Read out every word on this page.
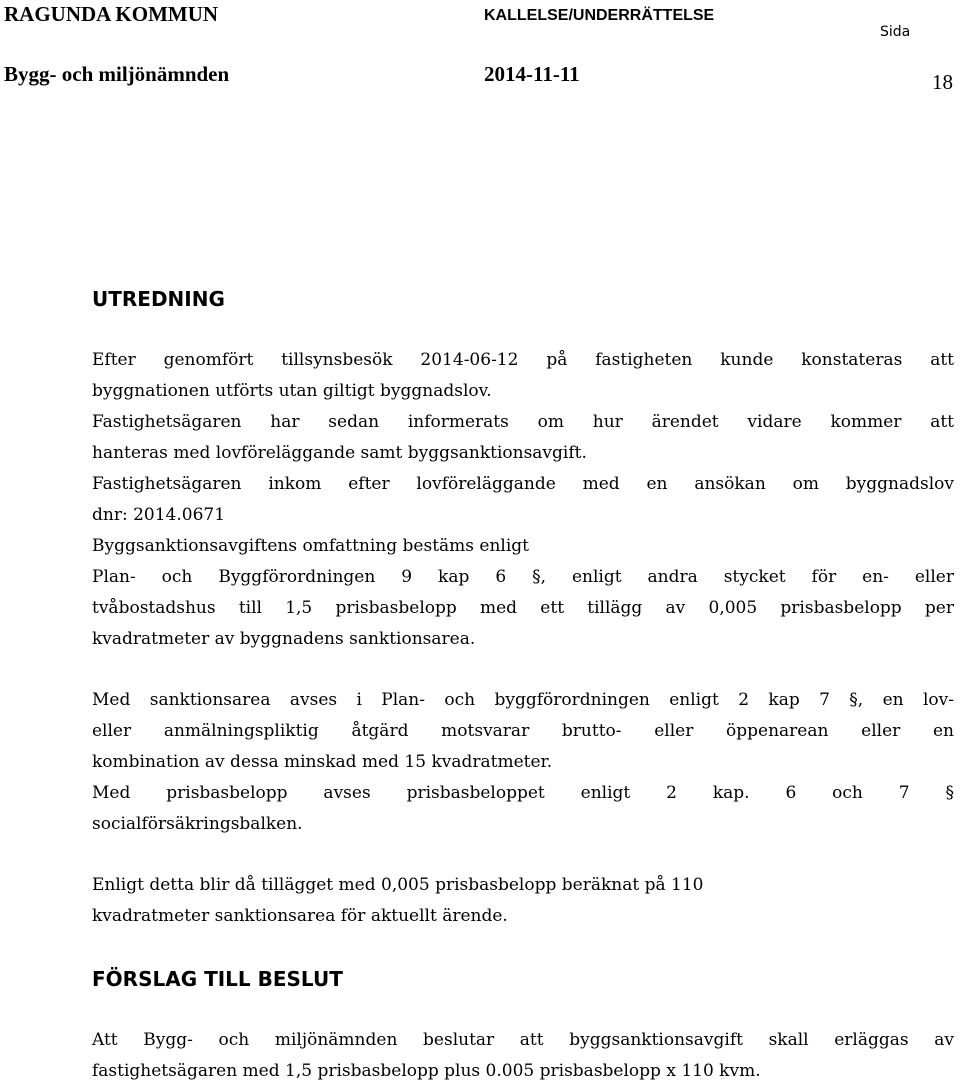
RAGUNDA KOMMUN	KALLELSE/UNDERRÄTTELSE
Sida
Bygg- och miljönämnden	2014-11-11	18
UTREDNING
Efter genomfört tillsynsbesök 2014-06-12 på fastigheten kunde konstateras att
byggnationen utförts utan giltigt byggnadslov.
Fastighetsägaren har sedan informerats om hur ärendet vidare kommer att
hanteras med lovföreläggande samt byggsanktionsavgift.
Fastighetsägaren inkom efter lovföreläggande med en ansökan om byggnadslov
dnr: 2014.0671
Byggsanktionsavgiftens omfattning bestäms enligt
Plan- och Byggförordningen 9 kap 6 §, enligt andra stycket för en- eller
tvåbostadshus till 1,5 prisbasbelopp med ett tillägg av 0,005 prisbasbelopp per
kvadratmeter av byggnadens sanktionsarea.
Med sanktionsarea avses i Plan- och byggförordningen enligt 2 kap 7 §, en lov-
eller anmälningspliktig åtgärd motsvarar brutto- eller öppenarean eller en
kombination av dessa minskad med 15 kvadratmeter.
Med prisbasbelopp avses prisbasbeloppet enligt 2 kap. 6 och 7 §
socialförsäkringsbalken.
Enligt detta blir då tillägget med 0,005 prisbasbelopp beräknat på 110
kvadratmeter sanktionsarea för aktuellt ärende.
FÖRSLAG TILL BESLUT
Att Bygg- och miljönämnden beslutar att byggsanktionsavgift skall erläggas av
fastighetsägaren med 1,5 prisbasbelopp plus 0.005 prisbasbelopp x 110 kvm.
